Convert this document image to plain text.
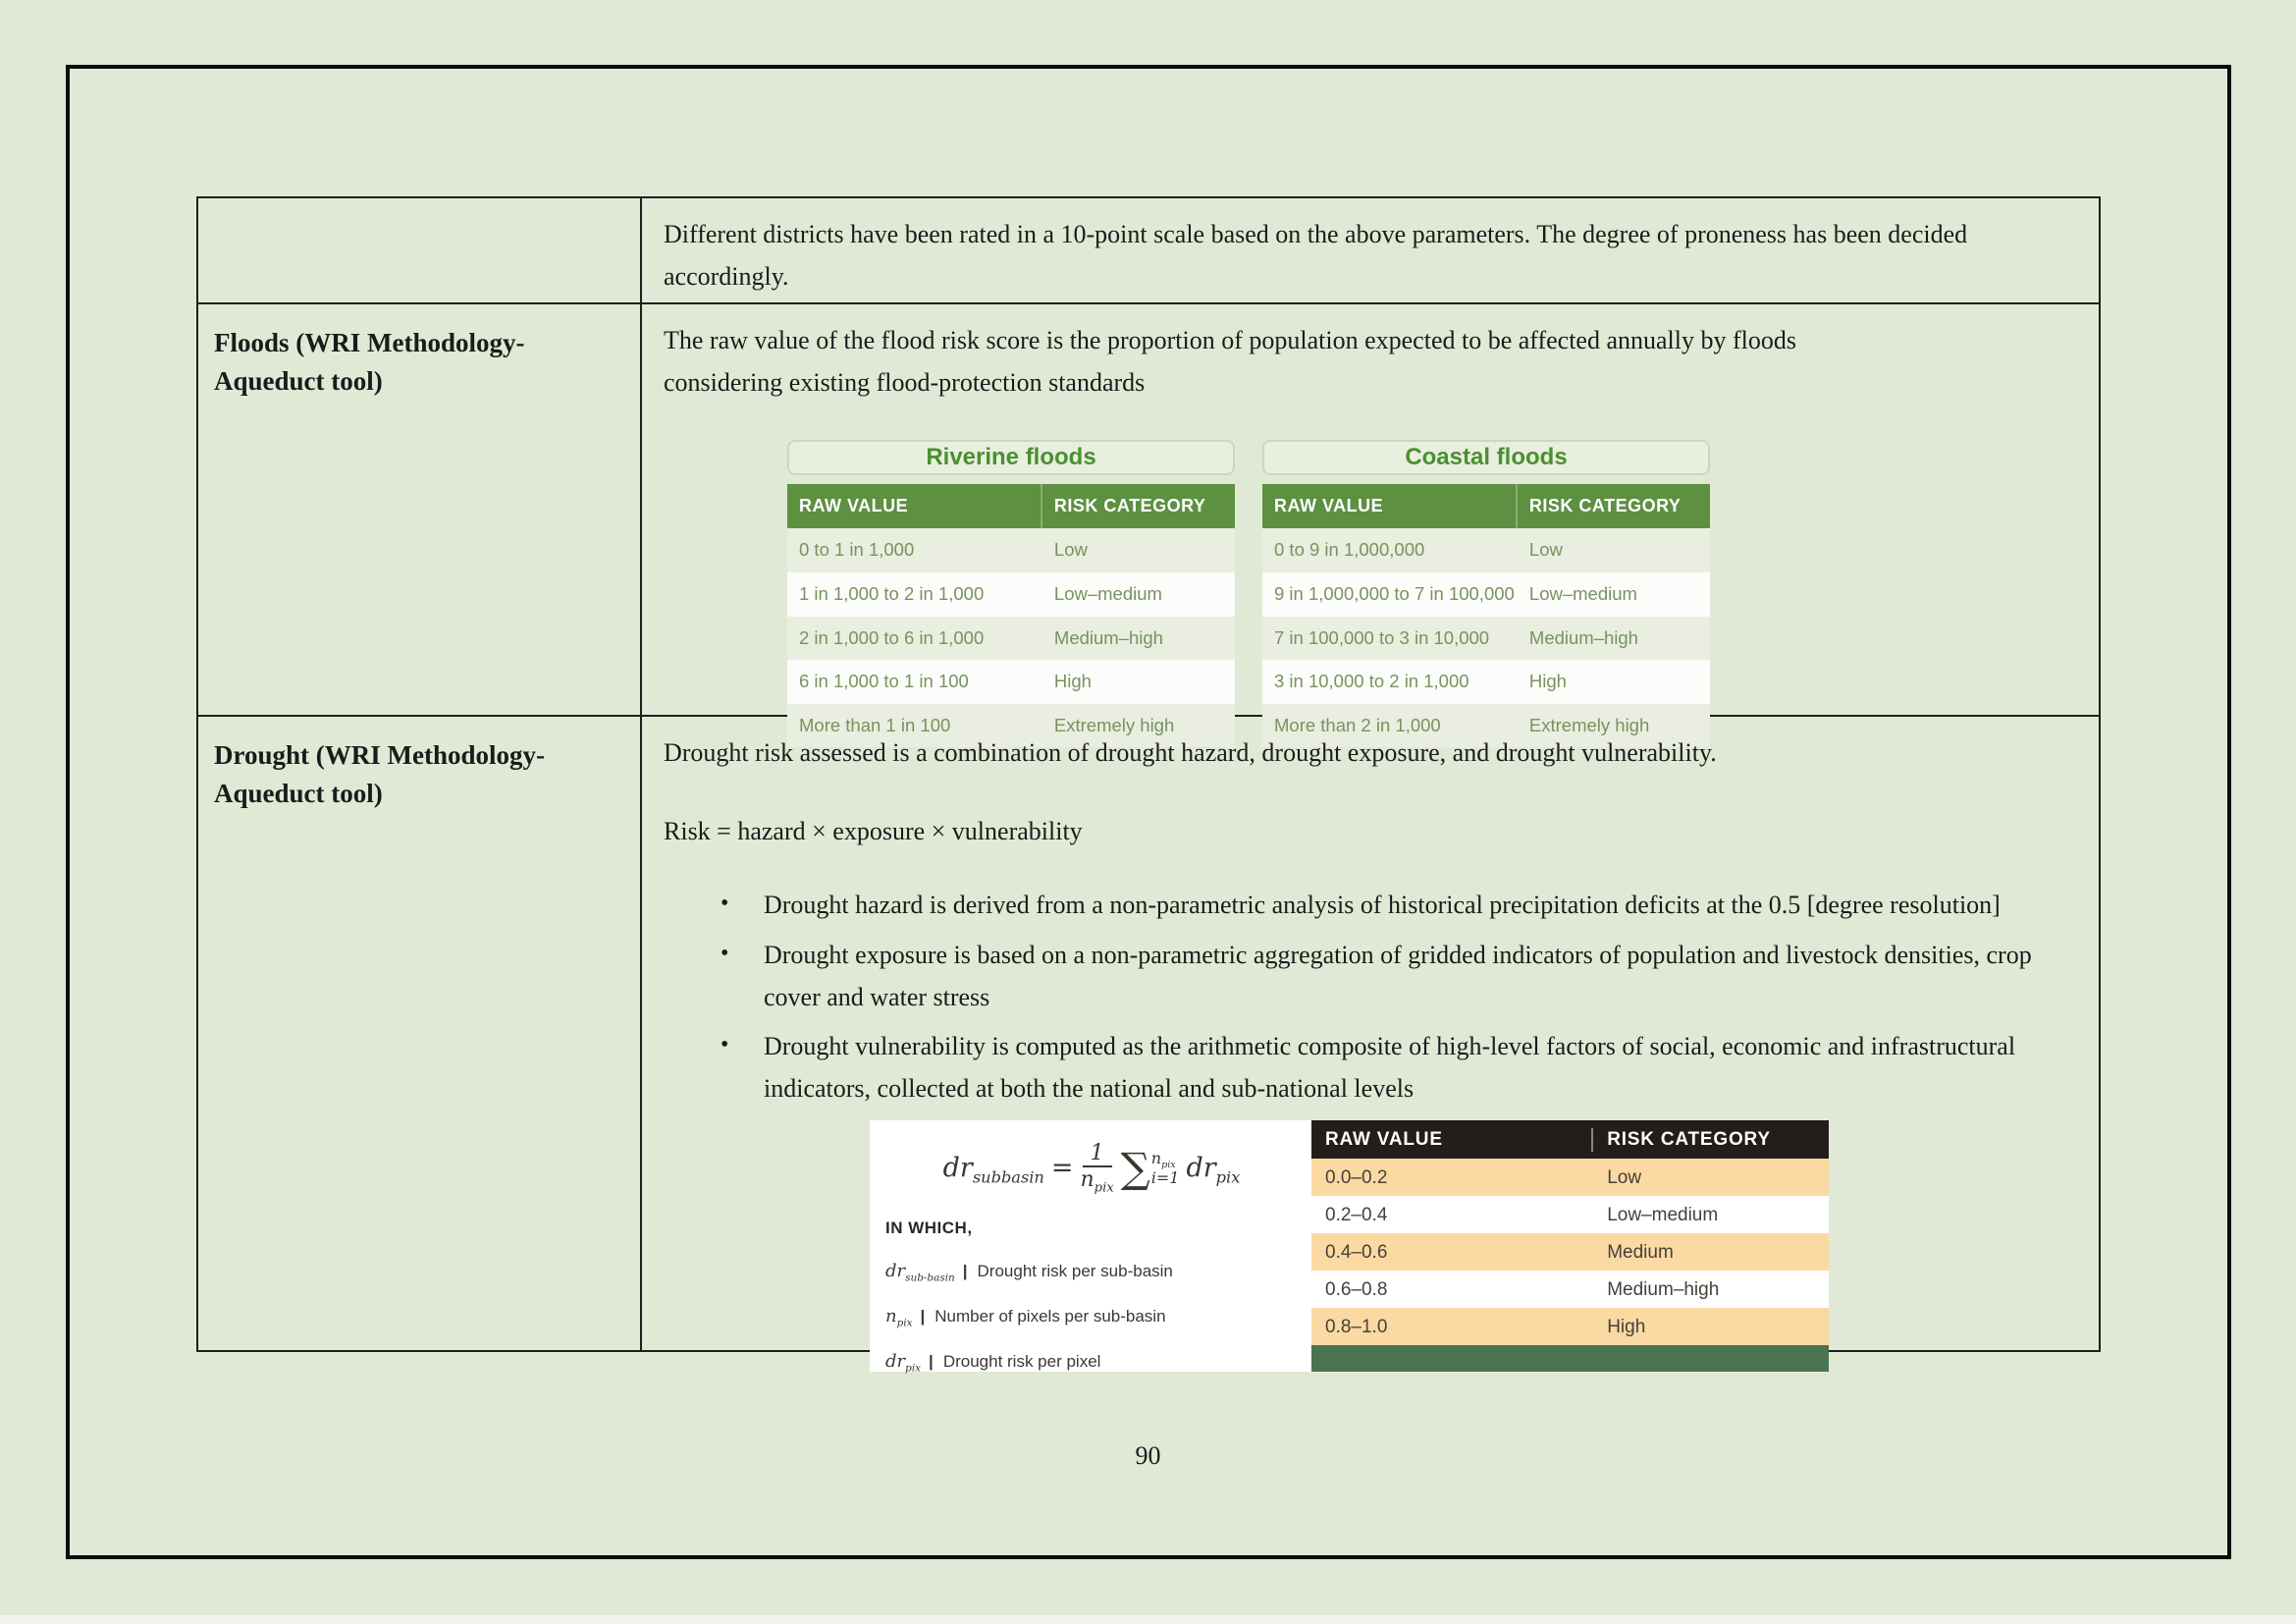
Different districts have been rated in a 10-point scale based on the above parameters. The degree of proneness has been decided accordingly.

Floods (WRI Methodology-Aqueduct tool)

The raw value of the flood risk score is the proportion of population expected to be affected annually by floods considering existing flood-protection standards

Riverine floods
RAW VALUE	RISK CATEGORY
0 to 1 in 1,000	Low
1 in 1,000 to 2 in 1,000	Low–medium
2 in 1,000 to 6 in 1,000	Medium–high
6 in 1,000 to 1 in 100	High
More than 1 in 100	Extremely high
Coastal floods
RAW VALUE	RISK CATEGORY
0 to 9 in 1,000,000	Low
9 in 1,000,000 to 7 in 100,000 Low–medium
7 in 100,000 to 3 in 10,000	Medium–high
3 in 10,000 to 2 in 1,000	High
More than 2 in 1,000	Extremely high
Drought (WRI Methodology-Aqueduct tool)

Drought risk assessed is a combination of drought hazard, drought exposure, and drought vulnerability.

Risk = hazard × exposure × vulnerability

•	Drought hazard is derived from a non-parametric analysis of historical precipitation deficits at the 0.5 [degree resolution]
•	Drought exposure is based on a non-parametric aggregation of gridded indicators of population and livestock densities, crop cover and water stress
•	Drought vulnerability is computed as the arithmetic composite of high-level factors of social, economic and infrastructural indicators, collected at both the national and sub-national levels
$dr_{subbasin} = \frac{1}{n_{pix}}$ ∑ $n_{pix}$
i=1 $dr_{pix}$
IN WHICH,
$dr_{sub-basin}$ | Drought risk per sub-basin
$n_{pix}$ | Number of pixels per sub-basin
$dr_{pix}$ | Drought risk per pixel
RAW VALUE	RISK CATEGORY
0.0–0.2	Low
0.2–0.4	Low–medium
0.4–0.6	Medium
0.6–0.8	Medium–high
0.8–1.0	High
90
